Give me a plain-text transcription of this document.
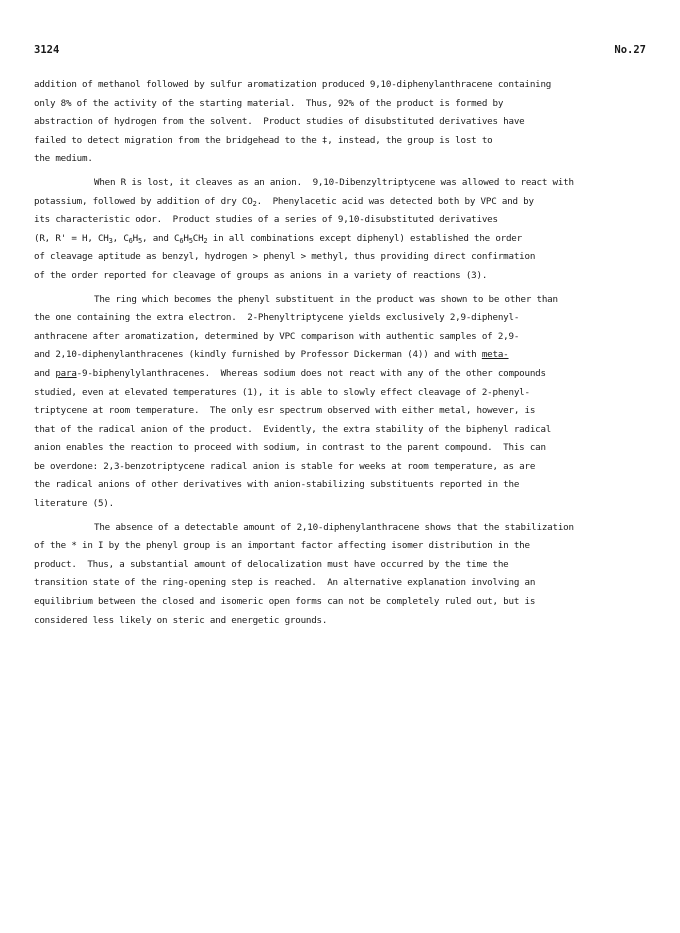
3124	No.27
addition of methanol followed by sulfur aromatization produced 9,10-diphenylanthracene containing
only 8% of the activity of the starting material.  Thus, 92% of the product is formed by
abstraction of hydrogen from the solvent.  Product studies of disubstituted derivatives have
failed to detect migration from the bridgehead to the ‡, instead, the group is lost to
the medium.
When R is lost, it cleaves as an anion.  9,10-Dibenzyltriptycene was allowed to react with
potassium, followed by addition of dry $CO_2$.  Phenylacetic acid was detected both by VPC and by
its characteristic odor.  Product studies of a series of 9,10-disubstituted derivatives
(R, R' = H, $CH_3$, $C_6H_5$, and $C_6H_5CH_2$ in all combinations except diphenyl) established the order
of cleavage aptitude as benzyl, hydrogen > phenyl > methyl, thus providing direct confirmation
of the order reported for cleavage of groups as anions in a variety of reactions (3).
The ring which becomes the phenyl substituent in the product was shown to be other than
the one containing the extra electron.  2-Phenyltriptycene yields exclusively 2,9-diphenyl-
anthracene after aromatization, determined by VPC comparison with authentic samples of 2,9-
and 2,10-diphenylanthracenes (kindly furnished by Professor Dickerman (4)) and with meta-
and para-9-biphenylylanthracenes.  Whereas sodium does not react with any of the other compounds
studied, even at elevated temperatures (1), it is able to slowly effect cleavage of 2-phenyl-
triptycene at room temperature.  The only esr spectrum observed with either metal, however, is
that of the radical anion of the product.  Evidently, the extra stability of the biphenyl radical
anion enables the reaction to proceed with sodium, in contrast to the parent compound.  This can
be overdone: 2,3-benzotriptycene radical anion is stable for weeks at room temperature, as are
the radical anions of other derivatives with anion-stabilizing substituents reported in the
literature (5).
The absence of a detectable amount of 2,10-diphenylanthracene shows that the stabilization
of the * in I by the phenyl group is an important factor affecting isomer distribution in the
product.  Thus, a substantial amount of delocalization must have occurred by the time the
transition state of the ring-opening step is reached.  An alternative explanation involving an
equilibrium between the closed and isomeric open forms can not be completely ruled out, but is
considered less likely on steric and energetic grounds.
